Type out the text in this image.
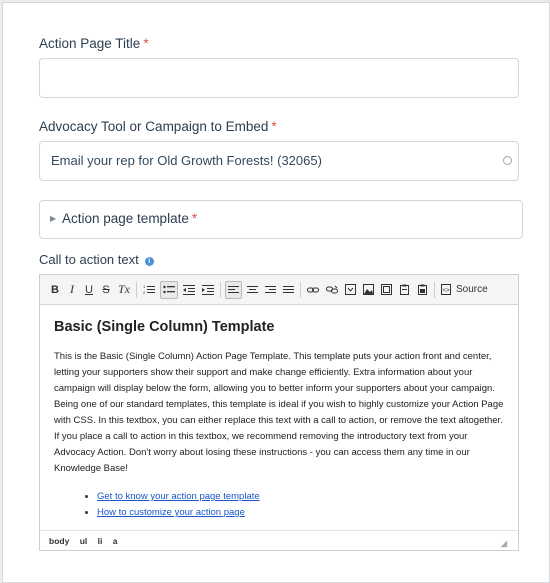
Action Page Title *
Advocacy Tool or Campaign to Embed *
Email your rep for Old Growth Forests! (32065)
▶ Action page template *
Call to action text i
B I	U S Tx	1
2	<> Source
Basic (Single Column) Template

This is the Basic (Single Column) Action Page Template. This template puts your action front and center, letting your supporters show their support and make change efficiently. Extra information about your campaign will display below the form, allowing you to better inform your supporters about your campaign. Being one of our standard templates, this template is ideal if you wish to highly customize your Action Page with CSS. In this textbox, you can either replace this text with a call to action, or remove the text altogether. If you place a call to action in this textbox, we recommend removing the introductory text from your Advocacy Action. Don't worry about losing these instructions - you can access them any time in our Knowledge Base!

• Get to know your action page template
• How to customize your action page
body ul li a	◢
